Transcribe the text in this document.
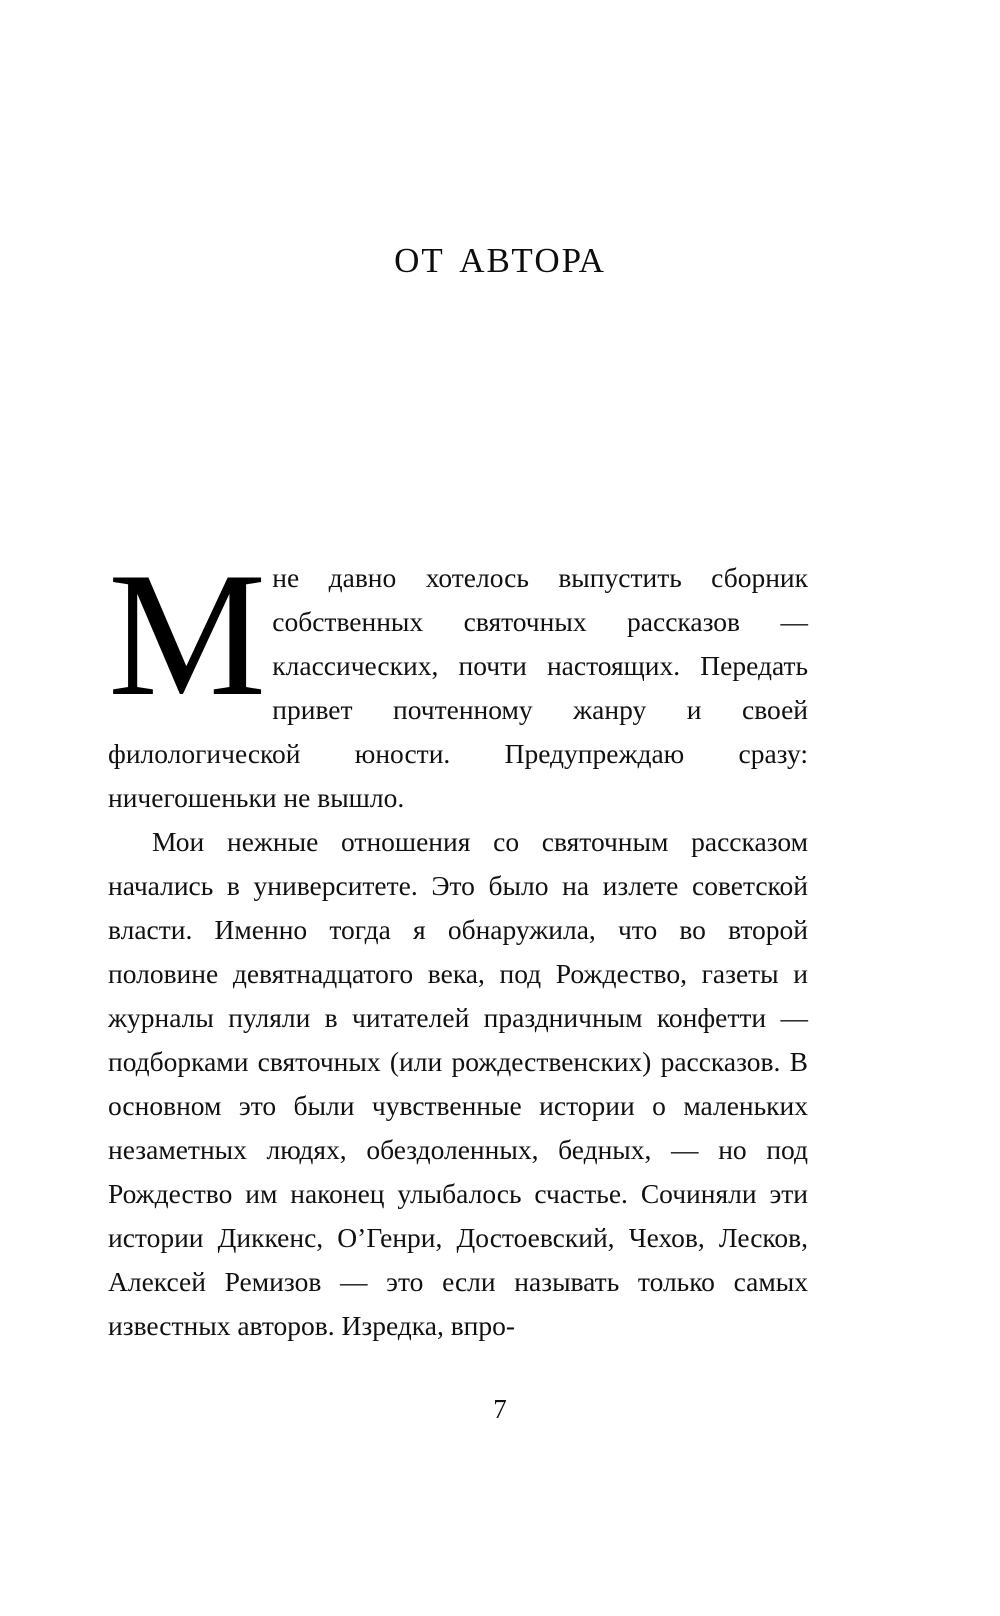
от автора

Мне давно хотелось выпустить сборник собственных святочных рассказов — классических, почти настоящих. Передать привет почтенному жанру и своей филологической юности. Предупреждаю сразу: ничегошеньки не вышло.

Мои нежные отношения со святочным рассказом начались в университете. Это было на излете советской власти. Именно тогда я обнаружила, что во второй половине девятнадцатого века, под Рождество, газеты и журналы пуляли в читателей праздничным конфетти — подборками святочных (или рождественских) рассказов. В основном это были чувственные истории о маленьких незаметных людях, обездоленных, бедных, — но под Рождество им наконец улыбалось счастье. Сочиняли эти истории Диккенс, О’Генри, Достоевский, Чехов, Лесков, Алексей Ремизов — это если называть только самых известных авторов. Изредка, впро-

7
